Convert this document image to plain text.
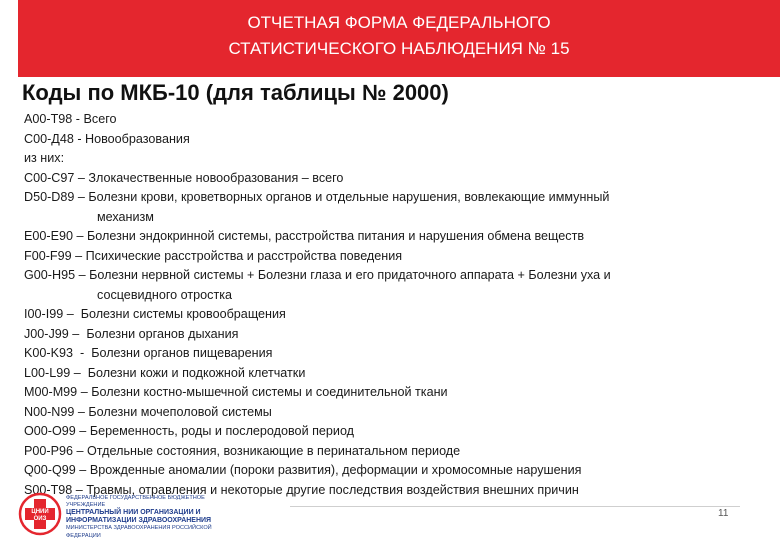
ОТЧЕТНАЯ ФОРМА ФЕДЕРАЛЬНОГО
СТАТИСТИЧЕСКОГО НАБЛЮДЕНИЯ № 15
Коды по МКБ-10 (для таблицы № 2000)
A00-T98 - Всего
C00-Д48 - Новообразования
из них:
C00-C97 – Злокачественные новообразования – всего
D50-D89 – Болезни крови, кроветворных органов и отдельные нарушения, вовлекающие иммунный
механизм
E00-E90 – Болезни эндокринной системы, расстройства питания и нарушения обмена веществ
F00-F99 – Психические расстройства и расстройства поведения
G00-H95 – Болезни нервной системы + Болезни глаза и его придаточного аппарата + Болезни уха и
сосцевидного отростка
I00-I99 – Болезни системы кровообращения
J00-J99 – Болезни органов дыхания
K00-K93  - Болезни органов пищеварения
L00-L99 – Болезни кожи и подкожной клетчатки
M00-M99 – Болезни костно-мышечной системы и соединительной ткани
N00-N99 – Болезни мочеполовой системы
O00-O99 – Беременность, роды и послеродовой период
P00-P96 – Отдельные состояния, возникающие в перинатальном периоде
Q00-Q99 – Врожденные аномалии (пороки развития), деформации и хромосомные нарушения
S00-T98 – Травмы, отравления и некоторые другие последствия воздействия внешних причин
ЦНИИ
ОИЗ
ФЕДЕРАЛЬНОЕ ГОСУДАРСТВЕННОЕ БЮДЖЕТНОЕ УЧРЕЖДЕНИЕ
ЦЕНТРАЛЬНЫЙ НИИ ОРГАНИЗАЦИИ И
ИНФОРМАТИЗАЦИИ ЗДРАВООХРАНЕНИЯ
МИНИСТЕРСТВА ЗДРАВООХРАНЕНИЯ РОССИЙСКОЙ ФЕДЕРАЦИИ
11
